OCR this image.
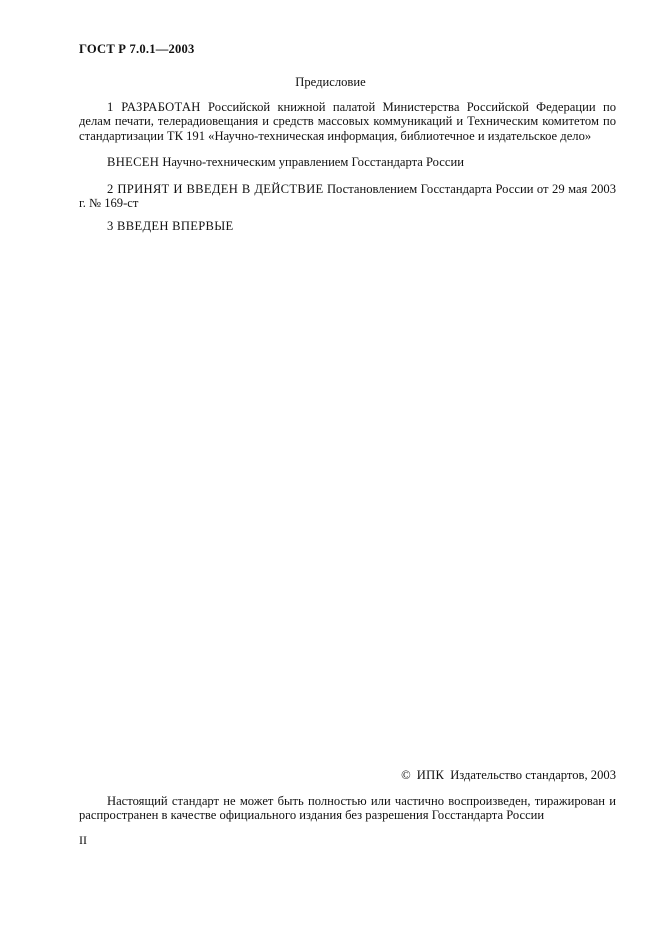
ГОСТ Р 7.0.1—2003
Предисловие

1 РАЗРАБОТАН Российской книжной палатой Министерства Российской Федерации по делам печати, телерадиовещания и средств массовых коммуникаций и Техническим комитетом по стандартизации ТК 191 «Научно-техническая информация, библиотечное и издательское дело»

ВНЕСЕН Научно-техническим управлением Госстандарта России

2 ПРИНЯТ И ВВЕДЕН В ДЕЙСТВИЕ Постановлением Госстандарта России от 29 мая 2003 г. № 169-ст

3 ВВЕДЕН ВПЕРВЫЕ

© ИПК Издательство стандартов, 2003

Настоящий стандарт не может быть полностью или частично воспроизведен, тиражирован и распространен в качестве официального издания без разрешения Госстандарта России

II
